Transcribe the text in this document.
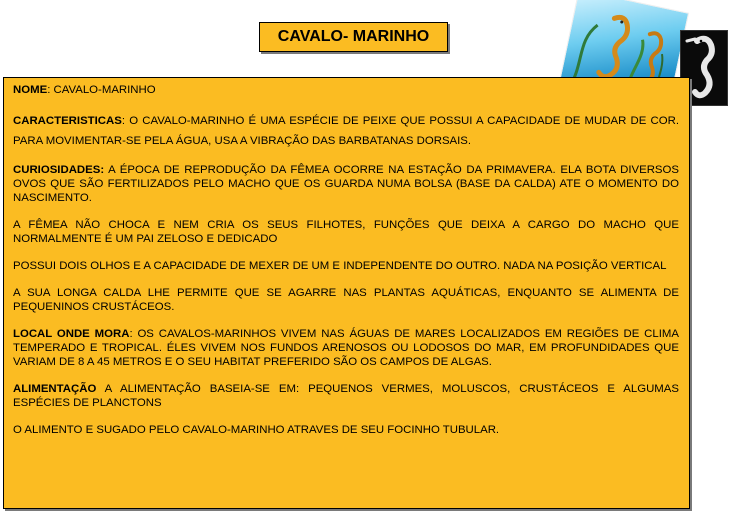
CAVALO- MARINHO

NOME: CAVALO-MARINHO

CARACTERISTICAS: O CAVALO-MARINHO É UMA ESPÉCIE DE PEIXE QUE POSSUI A CAPACIDADE DE MUDAR DE COR. PARA MOVIMENTAR-SE PELA ÁGUA, USA A VIBRAÇÃO DAS BARBATANAS DORSAIS.

CURIOSIDADES: A ÉPOCA DE REPRODUÇÃO DA FÊMEA OCORRE NA ESTAÇÃO DA PRIMAVERA. ELA BOTA DIVERSOS OVOS QUE SÃO FERTILIZADOS PELO MACHO QUE OS GUARDA NUMA BOLSA (BASE DA CALDA) ATE O MOMENTO DO NASCIMENTO.

A FÊMEA NÃO CHOCA E NEM CRIA OS SEUS FILHOTES, FUNÇÕES QUE DEIXA A CARGO DO MACHO QUE NORMALMENTE É UM PAI ZELOSO E DEDICADO

POSSUI DOIS OLHOS E A CAPACIDADE DE MEXER DE UM E INDEPENDENTE DO OUTRO. NADA NA POSIÇÃO VERTICAL

A SUA LONGA CALDA LHE PERMITE QUE SE AGARRE NAS PLANTAS AQUÁTICAS, ENQUANTO SE ALIMENTA DE PEQUENINOS CRUSTÁCEOS.

LOCAL ONDE MORA: OS CAVALOS-MARINHOS VIVEM NAS ÁGUAS DE MARES LOCALIZADOS EM REGIÕES DE CLIMA TEMPERADO E TROPICAL. ÉLES VIVEM NOS FUNDOS ARENOSOS OU LODOSOS DO MAR, EM PROFUNDIDADES QUE VARIAM DE 8 A 45 METROS E O SEU HABITAT PREFERIDO SÃO OS CAMPOS DE ALGAS.

ALIMENTAÇÃO A ALIMENTAÇÃO BASEIA-SE EM: PEQUENOS VERMES, MOLUSCOS, CRUSTÁCEOS E ALGUMAS ESPÉCIES DE PLANCTONS

O ALIMENTO E SUGADO PELO CAVALO-MARINHO ATRAVES DE SEU FOCINHO TUBULAR.
